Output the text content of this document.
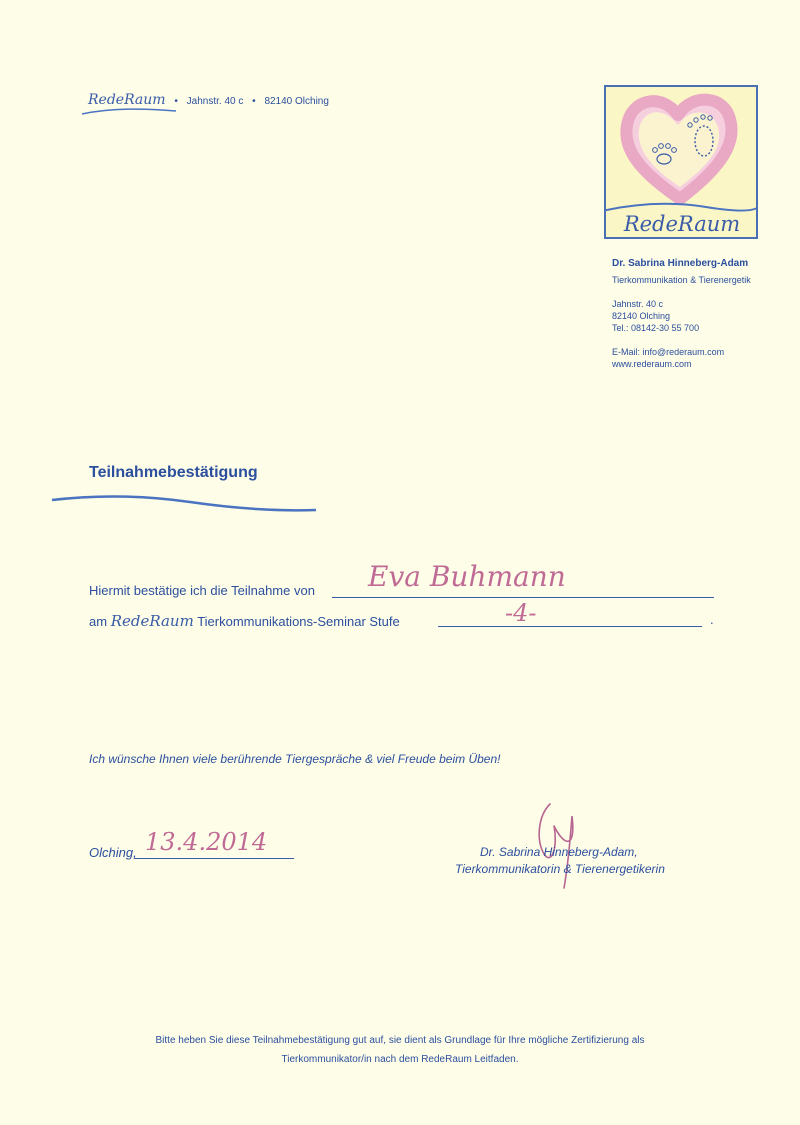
RedeRaum • Jahnstr. 40 c • 82140 Olching
RedeRaum
Dr. Sabrina Hinneberg-Adam
Tierkommunikation & Tierenergetik
Jahnstr. 40 c
82140 Olching
Tel.: 08142-30 55 700
E-Mail: info@rederaum.com
www.rederaum.com
Teilnahmebestätigung
Hiermit bestätige ich die Teilnahme von Eva Buhmann
am RedeRaum Tierkommunikations-Seminar Stufe	-4-	.
Ich wünsche Ihnen viele berührende Tiergespräche & viel Freude beim Üben!
Olching, 13.4.2014	Dr. Sabrina Hinneberg-Adam,
Tierkommunikatorin & Tierenergetikerin
Bitte heben Sie diese Teilnahmebestätigung gut auf, sie dient als Grundlage für Ihre mögliche Zertifizierung als
Tierkommunikator/in nach dem RedeRaum Leitfaden.
